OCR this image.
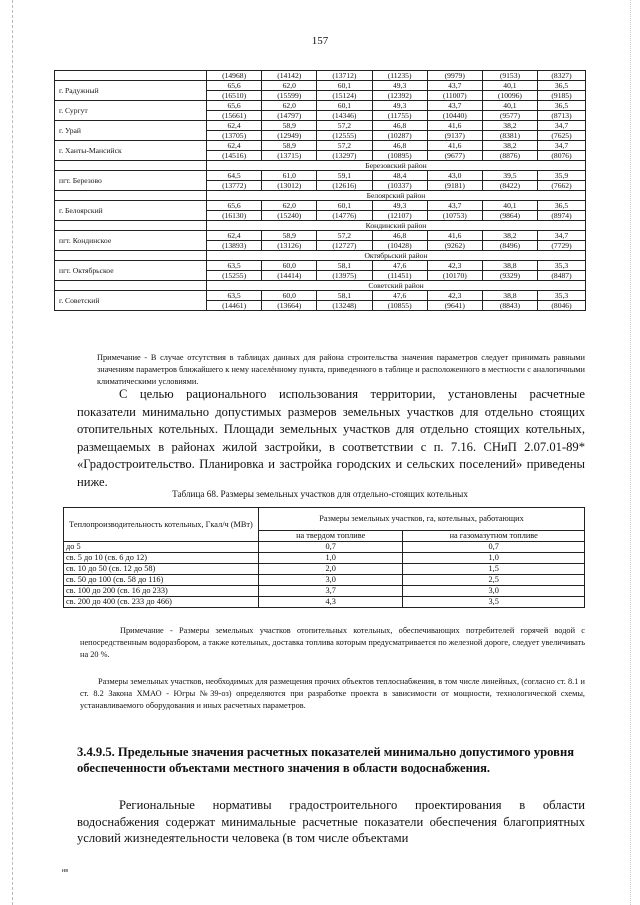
157
	(14968)	(14142)	(13712)	(11235)	(9979)	(9153)	(8327)
г. Радужный	65,6	62,0	60,1	49,3	43,7	40,1	36,5
	(16510)	(15599)	(15124)	(12392)	(11007)	(10096)	(9185)
г. Сургут	65,6	62,0	60,1	49,3	43,7	40,1	36,5
	(15661)	(14797)	(14346)	(11755)	(10440)	(9577)	(8713)
г. Урай	62,4	58,9	57,2	46,8	41,6	38,2	34,7
	(13705)	(12949)	(12555)	(10287)	(9137)	(8381)	(7625)
г. Ханты-Мансийск	62,4	58,9	57,2	46,8	41,6	38,2	34,7
	(14516)	(13715)	(13297)	(10895)	(9677)	(8876)	(8076)
	Березовский район						
пгт. Березово	64,5	61,0	59,1	48,4	43,0	39,5	35,9
	(13772)	(13012)	(12616)	(10337)	(9181)	(8422)	(7662)
	Белоярский район						
г. Белоярский	65,6	62,0	60,1	49,3	43,7	40,1	36,5
	(16130)	(15240)	(14776)	(12107)	(10753)	(9864)	(8974)
	Кондинский район						
пгт. Кондинское	62,4	58,9	57,2	46,8	41,6	38,2	34,7
	(13893)	(13126)	(12727)	(10428)	(9262)	(8496)	(7729)
	Октябрьский район						
пгт. Октябрьское	63,5	60,0	58,1	47,6	42,3	38,8	35,3
	(15255)	(14414)	(13975)	(11451)	(10170)	(9329)	(8487)
	Советский район						
г. Советский	63,5	60,0	58,1	47,6	42,3	38,8	35,3
	(14461)	(13664)	(13248)	(10855)	(9641)	(8843)	(8046)
Примечание - В случае отсутствия в таблицах данных для района строительства значения параметров следует принимать равными значениям параметров ближайшего к нему населённому пункта, приведенного в таблице и расположенного в местности с аналогичными климатическими условиями.

С целью рационального использования территории, установлены расчетные показатели минимально допустимых размеров земельных участков для отдельно стоящих отопительных котельных. Площади земельных участков для отдельно стоящих котельных, размещаемых в районах жилой застройки, в соответствии с п. 7.16. СНиП 2.07.01-89* «Градостроительство. Планировка и застройка городских и сельских поселений» приведены ниже.

Таблица 68. Размеры земельных участков для отдельно-стоящих котельных
Теплопроизводительность котельных, Гкал/ч (МВт)	Размеры земельных участков, га, котельных, работающих	
	на твердом топливе	на газомазутном топливе
до 5	0,7	0,7
св. 5 до 10 (св. 6 до 12)	1,0	1,0
св. 10 до 50 (св. 12 до 58)	2,0	1,5
св. 50 до 100 (св. 58 до 116)	3,0	2,5
св. 100 до 200 (св. 16 до 233)	3,7	3,0
св. 200 до 400 (св. 233 до 466)	4,3	3,5
Примечание - Размеры земельных участков отопительных котельных, обеспечивающих потребителей горячей водой с непосредственным водоразбором, а также котельных, доставка топлива которым предусматривается по железной дороге, следует увеличивать на 20 %.
Размеры земельных участков, необходимых для размещения прочих объектов теплоснабжения, в том числе линейных, (согласно ст. 8.1 и ст. 8.2 Закона ХМАО - Югры №39-оз) определяются при разработке проекта в зависимости от мощности, технологической схемы, устанавливаемого оборудования и иных расчетных параметров.

3.4.9.5. Предельные значения расчетных показателей минимально допустимого уровня обеспеченности объектами местного значения в области водоснабжения.

Региональные нормативы градостроительного проектирования в области водоснабжения содержат минимальные расчетные показатели обеспечения благоприятных условий жизнедеятельности человека (в том числе объектами

нв
